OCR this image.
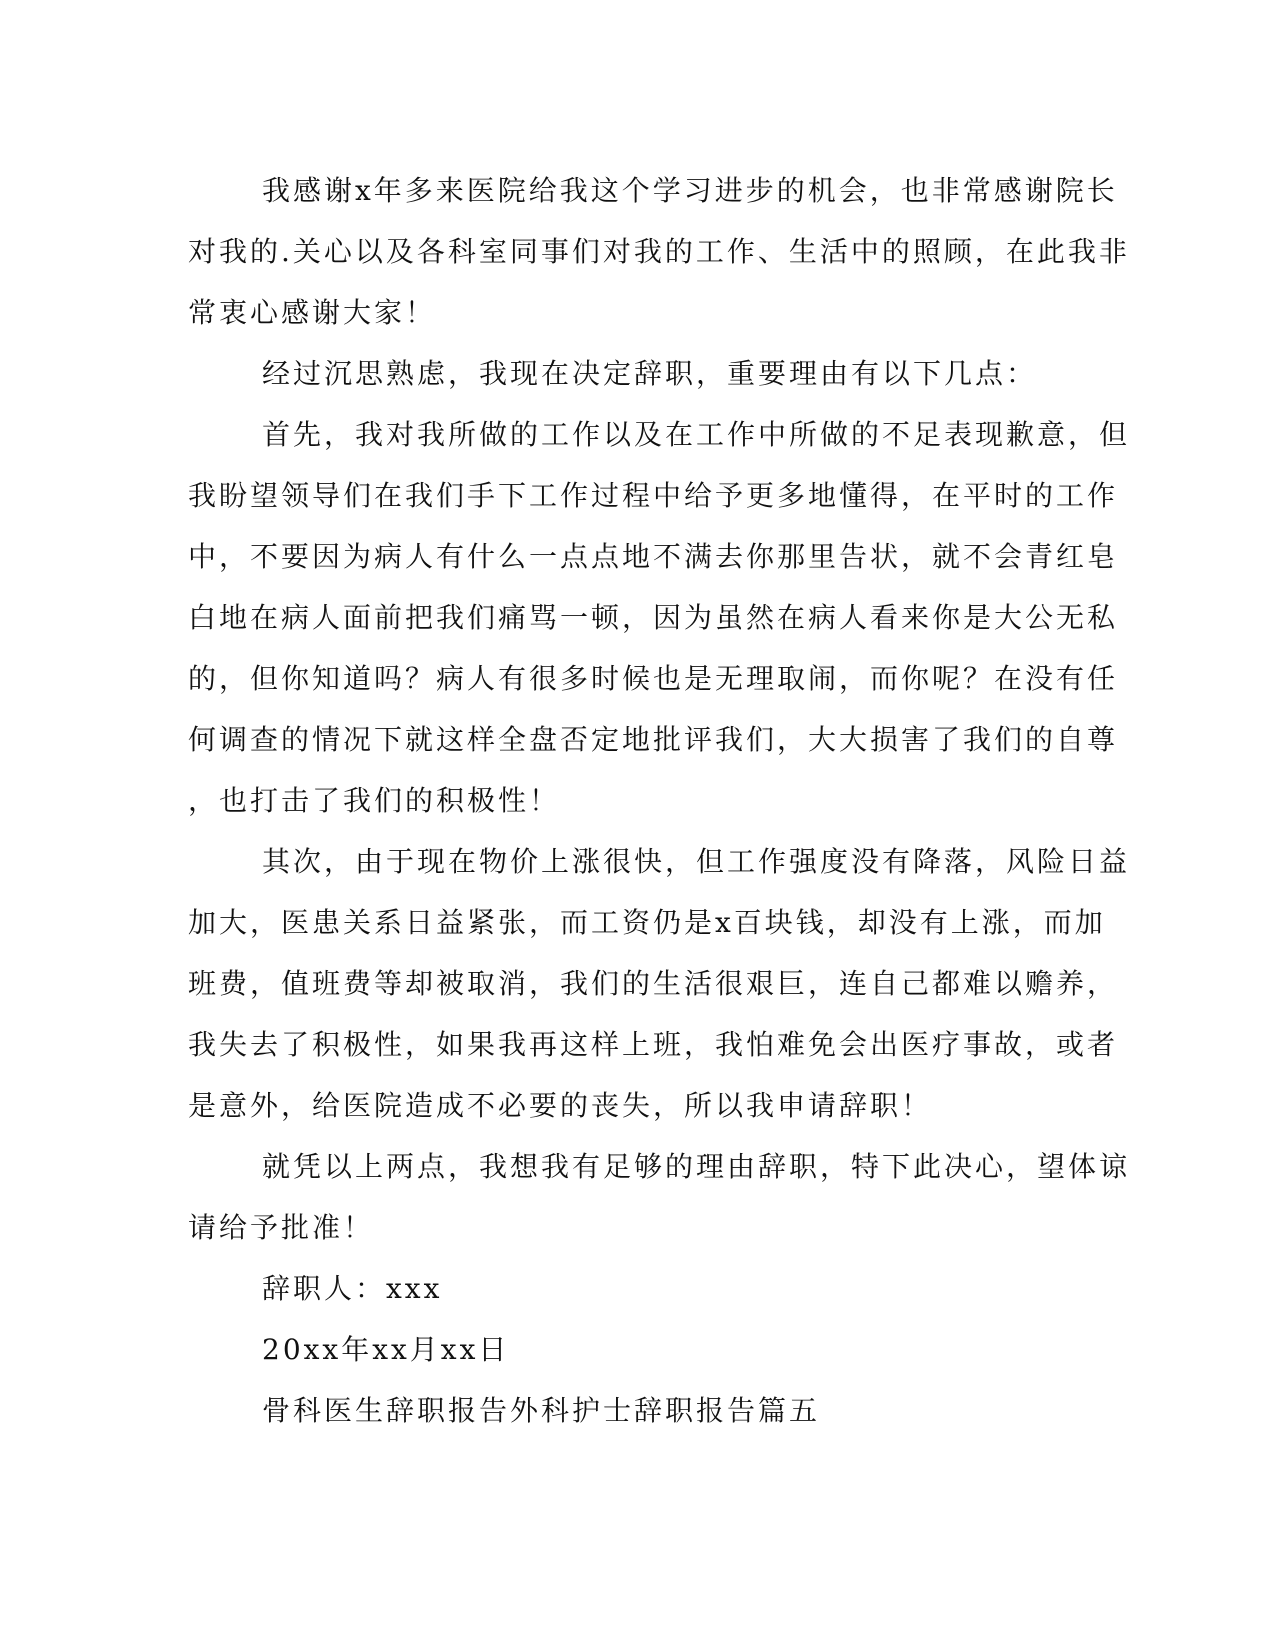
我感谢x年多来医院给我这个学习进步的机会，也非常感谢院长
对我的.关心以及各科室同事们对我的工作、生活中的照顾，在此我非
常衷心感谢大家！
经过沉思熟虑，我现在决定辞职，重要理由有以下几点：
首先，我对我所做的工作以及在工作中所做的不足表现歉意，但
我盼望领导们在我们手下工作过程中给予更多地懂得，在平时的工作
中，不要因为病人有什么一点点地不满去你那里告状，就不会青红皂
白地在病人面前把我们痛骂一顿，因为虽然在病人看来你是大公无私
的，但你知道吗？病人有很多时候也是无理取闹，而你呢？在没有任
何调查的情况下就这样全盘否定地批评我们，大大损害了我们的自尊
，也打击了我们的积极性！
其次，由于现在物价上涨很快，但工作强度没有降落，风险日益
加大，医患关系日益紧张，而工资仍是x百块钱，却没有上涨，而加
班费，值班费等却被取消，我们的生活很艰巨，连自己都难以赡养，
我失去了积极性，如果我再这样上班，我怕难免会出医疗事故，或者
是意外，给医院造成不必要的丧失，所以我申请辞职！
就凭以上两点，我想我有足够的理由辞职，特下此决心，望体谅
请给予批准！
辞职人：xxx
20xx年xx月xx日
骨科医生辞职报告外科护士辞职报告篇五
